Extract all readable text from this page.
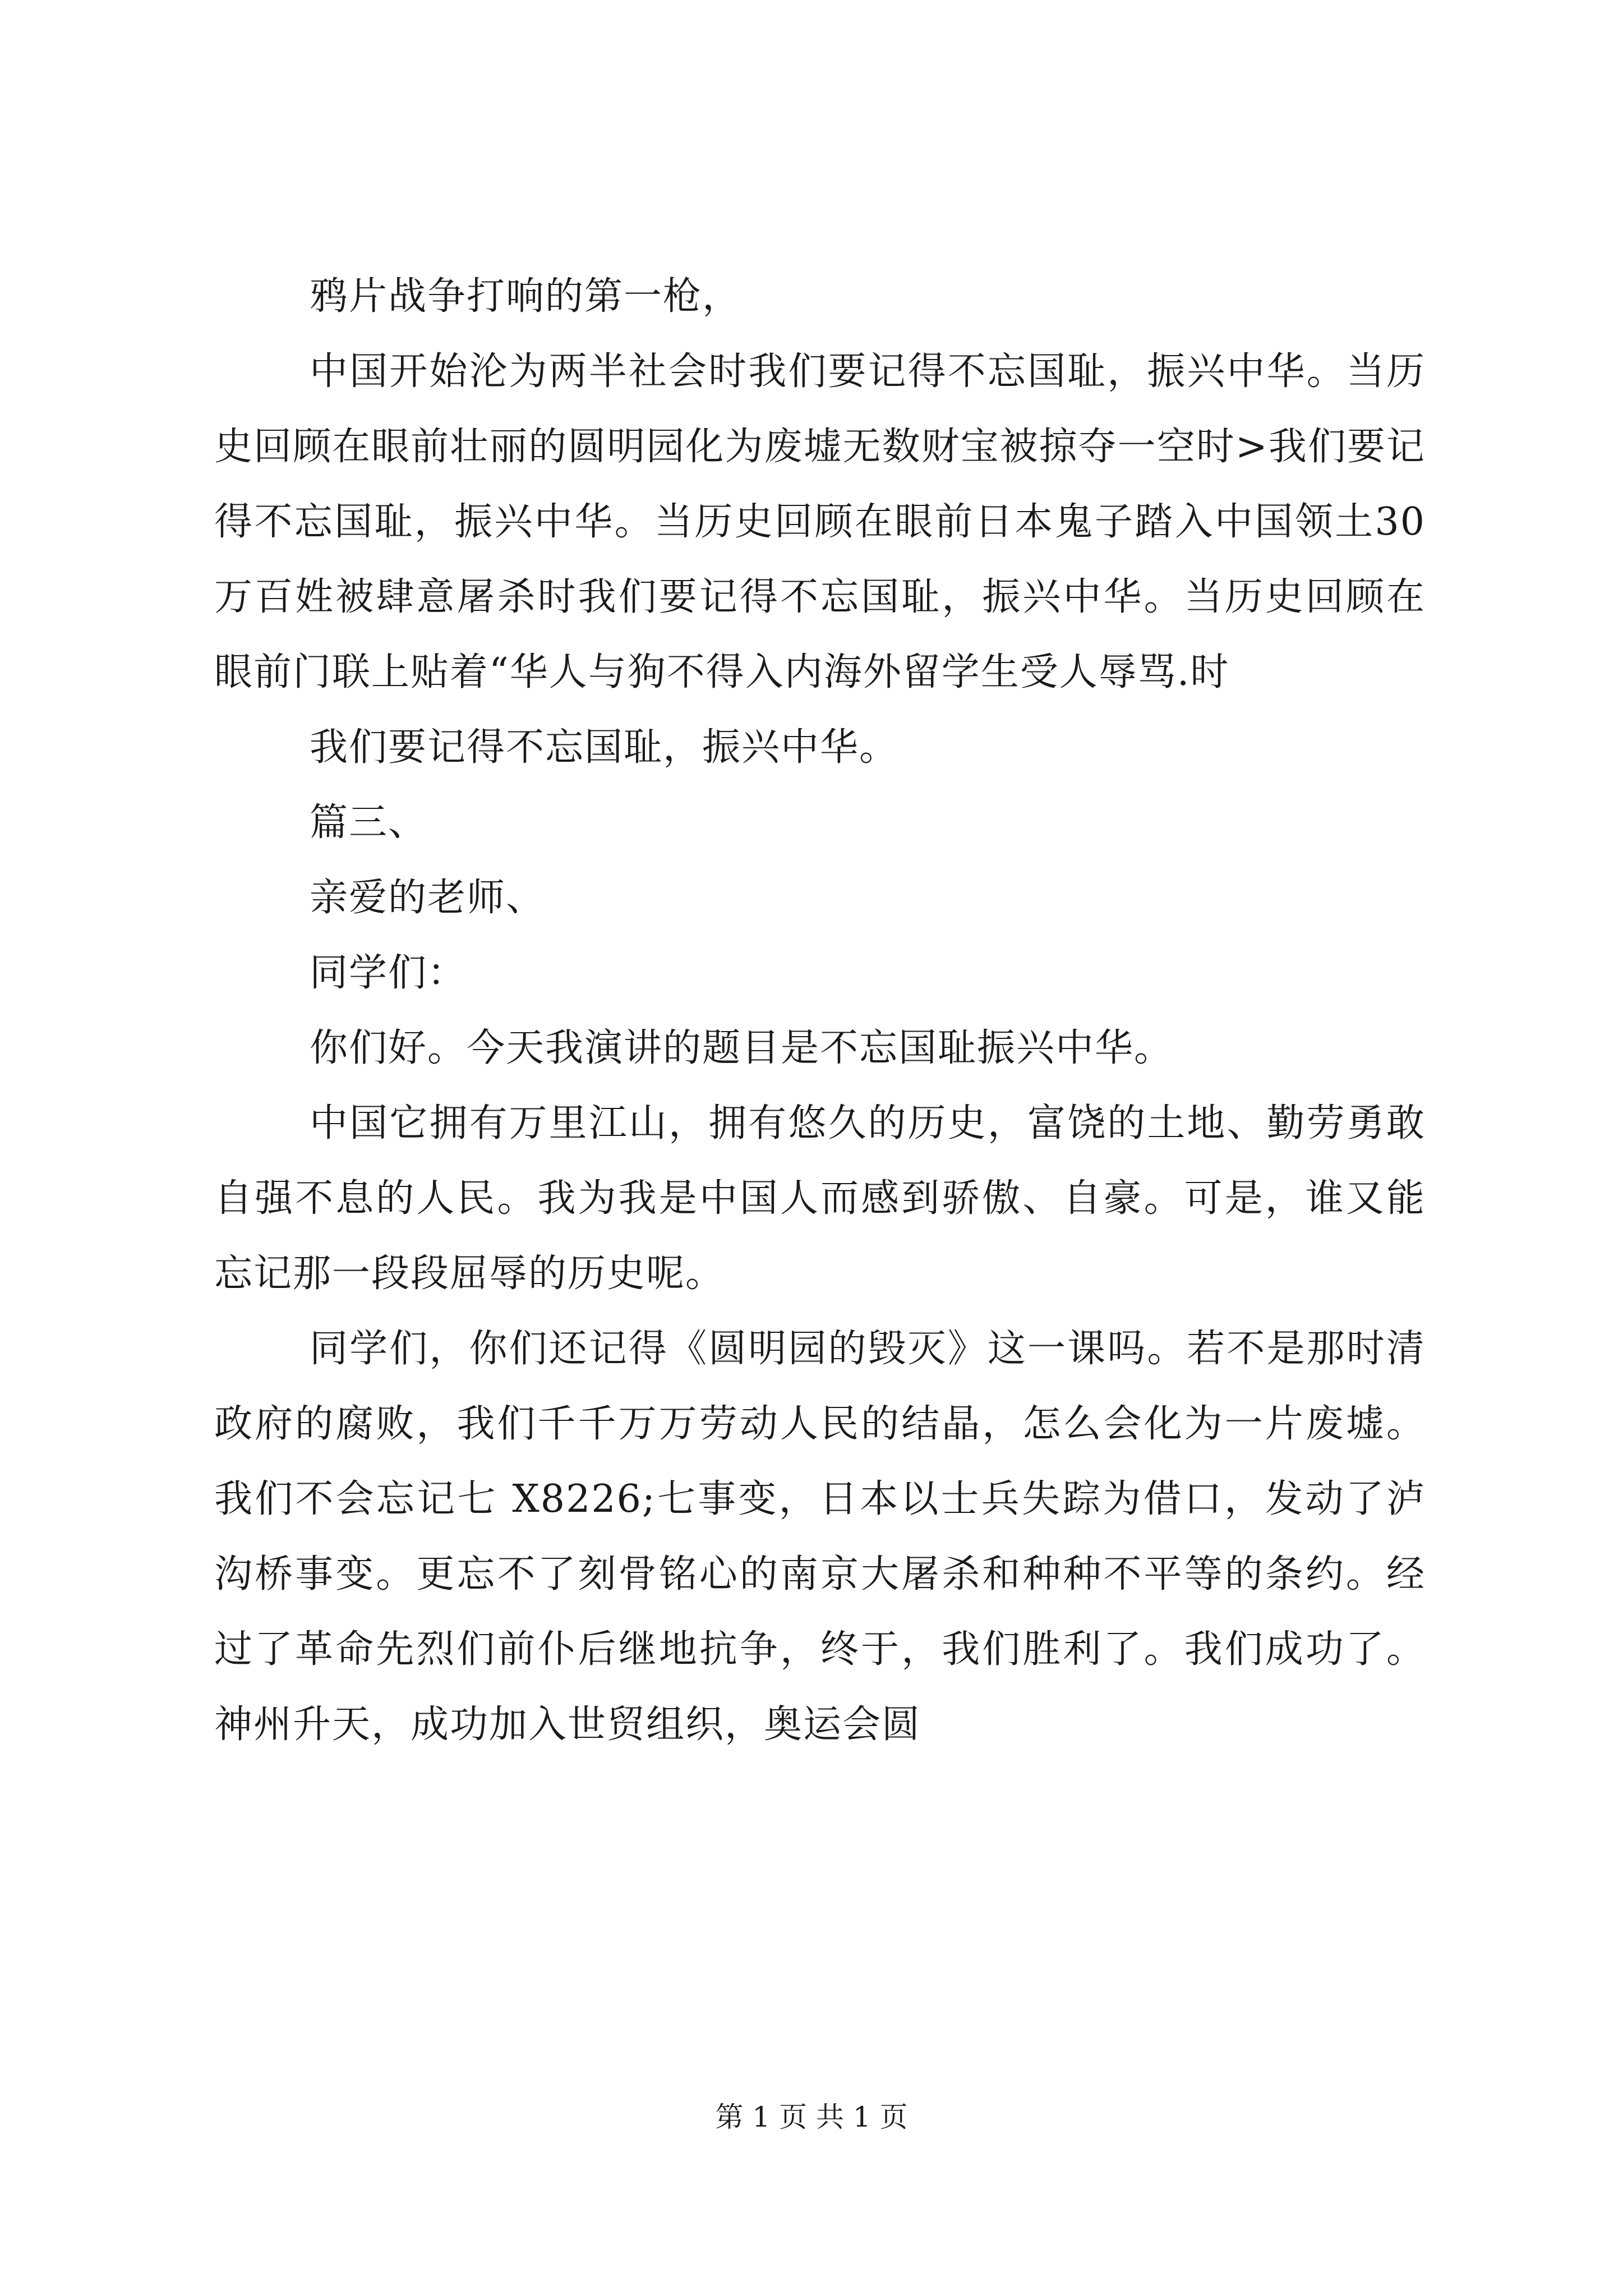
鸦片战争打响的第一枪，

中国开始沦为两半社会时我们要记得不忘国耻，振兴中华。当历史回顾在眼前壮丽的圆明园化为废墟无数财宝被掠夺一空时>我们要记得不忘国耻，振兴中华。当历史回顾在眼前日本鬼子踏入中国领土30万百姓被肆意屠杀时我们要记得不忘国耻，振兴中华。当历史回顾在眼前门联上贴着“华人与狗不得入内海外留学生受人辱骂.时

我们要记得不忘国耻，振兴中华。

篇三、

亲爱的老师、

同学们：

你们好。今天我演讲的题目是不忘国耻振兴中华。

中国它拥有万里江山，拥有悠久的历史，富饶的土地、勤劳勇敢自强不息的人民。我为我是中国人而感到骄傲、自豪。可是，谁又能忘记那一段段屈辱的历史呢。

同学们，你们还记得《圆明园的毁灭》这一课吗。若不是那时清政府的腐败，我们千千万万劳动人民的结晶，怎么会化为一片废墟。我们不会忘记七 X8226;七事变，日本以士兵失踪为借口，发动了泸沟桥事变。更忘不了刻骨铭心的南京大屠杀和种种不平等的条约。经过了革命先烈们前仆后继地抗争，终于，我们胜利了。我们成功了。神州升天，成功加入世贸组织，奥运会圆

第 1 页 共 1 页
